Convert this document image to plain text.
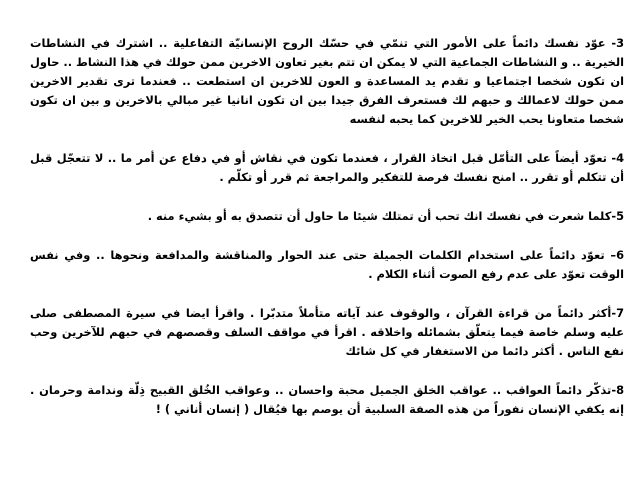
3- عوّد نفسك دائماً على الأمور التي تنمّي في حسّك الروح الإنسانيّة التفاعلية .. اشترك في النشاطات الخيرية .. و النشاطات الجماعية التي لا يمكن ان تتم بغير تعاون الاخرين ممن حولك في هذا النشاط .. حاول ان تكون شخصا اجتماعيا و تقدم يد المساعدة و العون للاخرين ان استطعت .. فعندما ترى تقدير الاخرين ممن حولك لاعمالك و حبهم لك فستعرف الفرق جيدا بين ان تكون انانيا غير مبالي بالاخرين و بين ان تكون شخصا متعاونا يحب الخير للاخرين كما يحبه لنفسه

4- تعوّد أيضاً على التأمّل قبل اتخاذ القرار ، فعندما تكون في نقاش أو في دفاع عن أمر ما .. لا تتعجّل قبل أن تتكلم أو تقرر .. امنح نفسك فرصة للتفكير والمراجعة ثم قرر أو تكلّم .

5-كلما شعرت في نفسك انك تحب أن تمتلك شيئا ما حاول أن تتصدق به أو بشيء منه .

6– تعوّد دائماً على استخدام الكلمات الجميلة حتى عند الحوار والمناقشة والمدافعة ونحوها .. وفي نفس الوقت تعوّد على عدم رفع الصوت أثناء الكلام .

7-أكثر دائماً من قراءة القرآن ، والوقوف عند آياته متأملاً متدبّرا . واقرأ ايضا في سيرة المصطفى صلى عليه وسلم خاصة فيما يتعلّق بشمائله واخلاقه . اقرأ في مواقف السلف وقصصهم في حبهم للآخرين وحب نفع الناس . أكثر دائما من الاستغفار في كل شائك

8-تذكّر دائماً العواقب .. عواقب الخلق الجميل محبة واحسان .. وعواقب الخُلق القبيح ذِلّة وندامة وحرمان . إنه يكفي الإنسان نفوراً من هذه الصفة السلبية أن يوصم بها فيُقال ( إنسان أناني ) !
